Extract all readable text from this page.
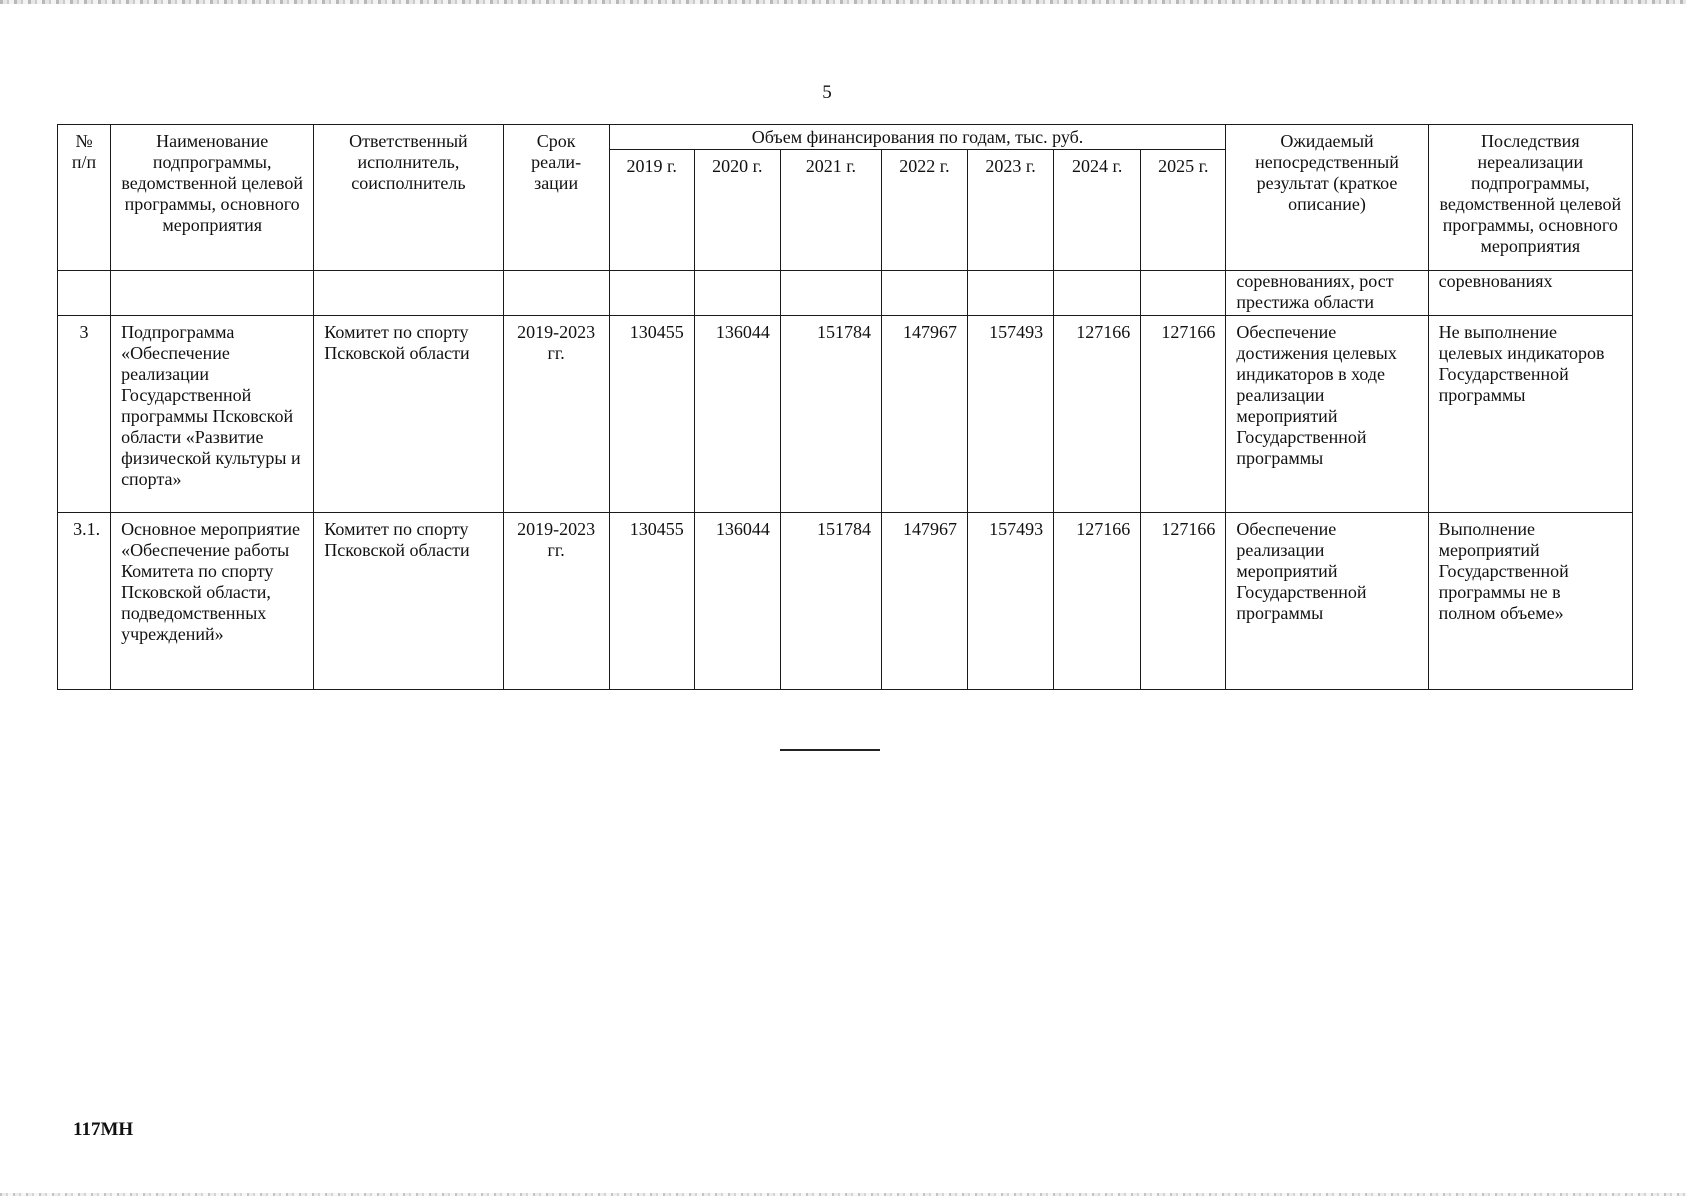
5
№ п/п	Наименование подпрограммы, ведомственной целевой программы, основного мероприятия	Ответственный исполнитель, соисполнитель	Срок реали-зации	Объем финансирования по годам, тыс. руб.							Ожидаемый непосредственный результат (краткое описание)	Последствия нереализации подпрограммы, ведомственной целевой программы, основного мероприятия
				2019 г.	2020 г.	2021 г.	2022 г.	2023 г.	2024 г.	2025 г.		
											соревнованиях, рост престижа области	соревнованиях
3	Подпрограмма «Обеспечение реализации Государственной программы Псковской области «Развитие физической культуры и спорта»	Комитет по спорту Псковской области	2019-2023 гг.	130455	136044	151784	147967	157493	127166	127166	Обеспечение достижения целевых индикаторов в ходе реализации мероприятий Государственной программы	Не выполнение целевых индикаторов Государственной программы
3.1.	Основное мероприятие «Обеспечение работы Комитета по спорту Псковской области, подведомственных учреждений»	Комитет по спорту Псковской области	2019-2023 гг.	130455	136044	151784	147967	157493	127166	127166	Обеспечение реализации мероприятий Государственной программы	Выполнение мероприятий Государственной программы не в полном объеме»
117МН
